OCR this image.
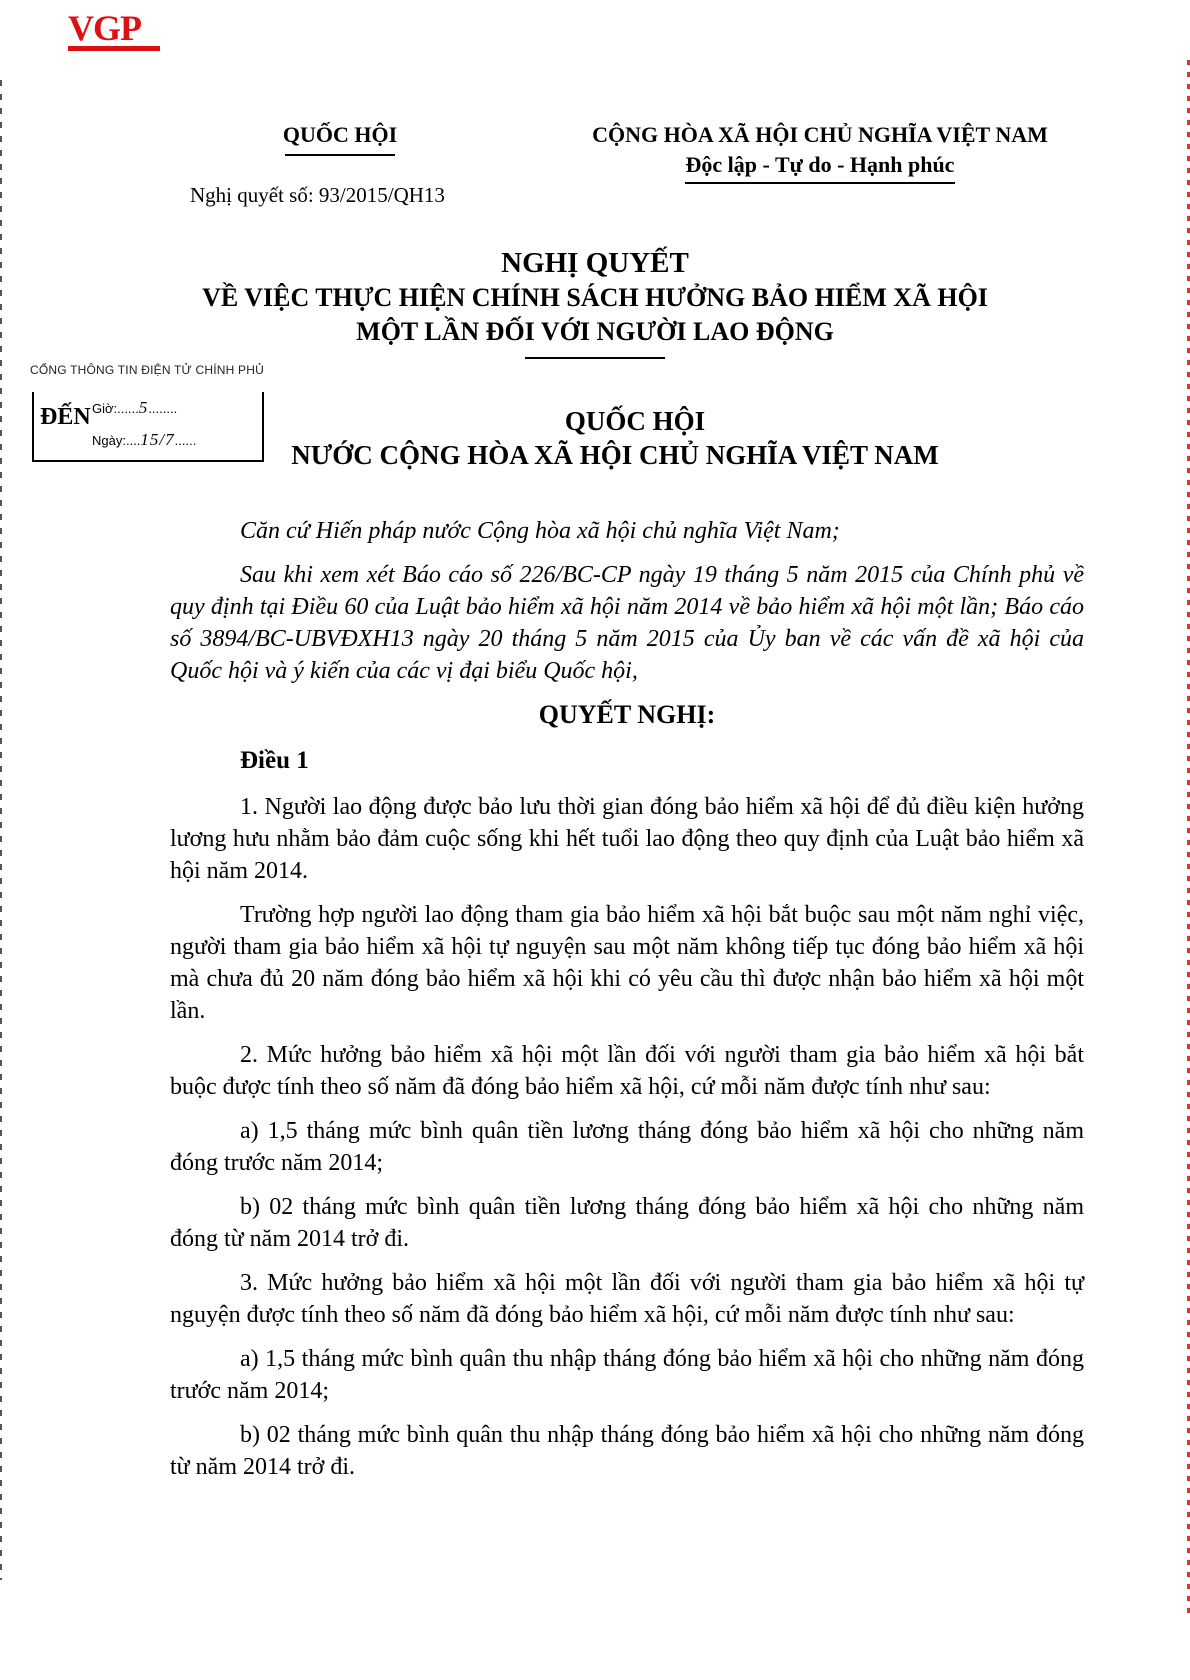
VGP
QUỐC HỘI
Nghị quyết số: 93/2015/QH13
CỘNG HÒA XÃ HỘI CHỦ NGHĨA VIỆT NAM
Độc lập - Tự do - Hạnh phúc
NGHỊ QUYẾT
VỀ VIỆC THỰC HIỆN CHÍNH SÁCH HƯỞNG BẢO HIỂM XÃ HỘI
MỘT LẦN ĐỐI VỚI NGƯỜI LAO ĐỘNG
CỔNG THÔNG TIN ĐIỆN TỬ CHÍNH PHỦ
ĐẾN Giờ:......5........
Ngày:....15/7......
QUỐC HỘI
NƯỚC CỘNG HÒA XÃ HỘI CHỦ NGHĨA VIỆT NAM

Căn cứ Hiến pháp nước Cộng hòa xã hội chủ nghĩa Việt Nam;

Sau khi xem xét Báo cáo số 226/BC-CP ngày 19 tháng 5 năm 2015 của Chính phủ về quy định tại Điều 60 của Luật bảo hiểm xã hội năm 2014 về bảo hiểm xã hội một lần; Báo cáo số 3894/BC-UBVĐXH13 ngày 20 tháng 5 năm 2015 của Ủy ban về các vấn đề xã hội của Quốc hội và ý kiến của các vị đại biểu Quốc hội,

QUYẾT NGHỊ:
Điều 1

1. Người lao động được bảo lưu thời gian đóng bảo hiểm xã hội để đủ điều kiện hưởng lương hưu nhằm bảo đảm cuộc sống khi hết tuổi lao động theo quy định của Luật bảo hiểm xã hội năm 2014.

Trường hợp người lao động tham gia bảo hiểm xã hội bắt buộc sau một năm nghỉ việc, người tham gia bảo hiểm xã hội tự nguyện sau một năm không tiếp tục đóng bảo hiểm xã hội mà chưa đủ 20 năm đóng bảo hiểm xã hội khi có yêu cầu thì được nhận bảo hiểm xã hội một lần.

2. Mức hưởng bảo hiểm xã hội một lần đối với người tham gia bảo hiểm xã hội bắt buộc được tính theo số năm đã đóng bảo hiểm xã hội, cứ mỗi năm được tính như sau:

a) 1,5 tháng mức bình quân tiền lương tháng đóng bảo hiểm xã hội cho những năm đóng trước năm 2014;

b) 02 tháng mức bình quân tiền lương tháng đóng bảo hiểm xã hội cho những năm đóng từ năm 2014 trở đi.

3. Mức hưởng bảo hiểm xã hội một lần đối với người tham gia bảo hiểm xã hội tự nguyện được tính theo số năm đã đóng bảo hiểm xã hội, cứ mỗi năm được tính như sau:

a) 1,5 tháng mức bình quân thu nhập tháng đóng bảo hiểm xã hội cho những năm đóng trước năm 2014;

b) 02 tháng mức bình quân thu nhập tháng đóng bảo hiểm xã hội cho những năm đóng từ năm 2014 trở đi.
